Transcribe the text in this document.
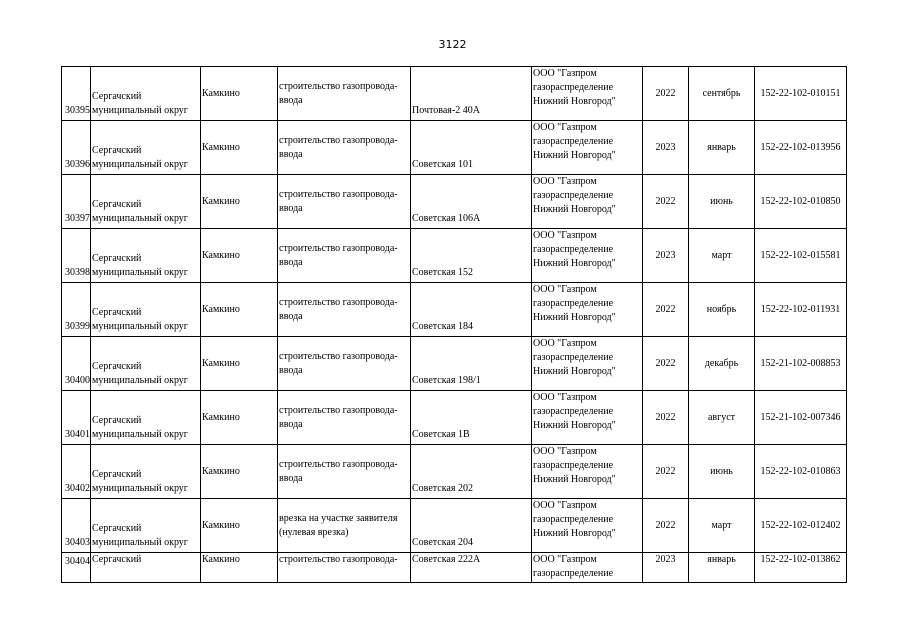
3122
30395	Сергачский муниципальный округ	Камкино	строительство газопровода-ввода	Почтовая-2 40А	ООО "Газпром газораспределение Нижний Новгород"	2022	сентябрь	152-22-102-010151
30396	Сергачский муниципальный округ	Камкино	строительство газопровода-ввода	Советская 101	ООО "Газпром газораспределение Нижний Новгород"	2023	январь	152-22-102-013956
30397	Сергачский муниципальный округ	Камкино	строительство газопровода-ввода	Советская 106А	ООО "Газпром газораспределение Нижний Новгород"	2022	июнь	152-22-102-010850
30398	Сергачский муниципальный округ	Камкино	строительство газопровода-ввода	Советская 152	ООО "Газпром газораспределение Нижний Новгород"	2023	март	152-22-102-015581
30399	Сергачский муниципальный округ	Камкино	строительство газопровода-ввода	Советская 184	ООО "Газпром газораспределение Нижний Новгород"	2022	ноябрь	152-22-102-011931
30400	Сергачский муниципальный округ	Камкино	строительство газопровода-ввода	Советская 198/1	ООО "Газпром газораспределение Нижний Новгород"	2022	декабрь	152-21-102-008853
30401	Сергачский муниципальный округ	Камкино	строительство газопровода-ввода	Советская 1В	ООО "Газпром газораспределение Нижний Новгород"	2022	август	152-21-102-007346
30402	Сергачский муниципальный округ	Камкино	строительство газопровода-ввода	Советская 202	ООО "Газпром газораспределение Нижний Новгород"	2022	июнь	152-22-102-010863
30403	Сергачский муниципальный округ	Камкино	врезка на участке заявителя (нулевая врезка)	Советская 204	ООО "Газпром газораспределение Нижний Новгород"	2022	март	152-22-102-012402
30404	Сергачский	Камкино	строительство газопровода-	Советская 222А	ООО "Газпром газораспределение	2023	январь	152-22-102-013862
